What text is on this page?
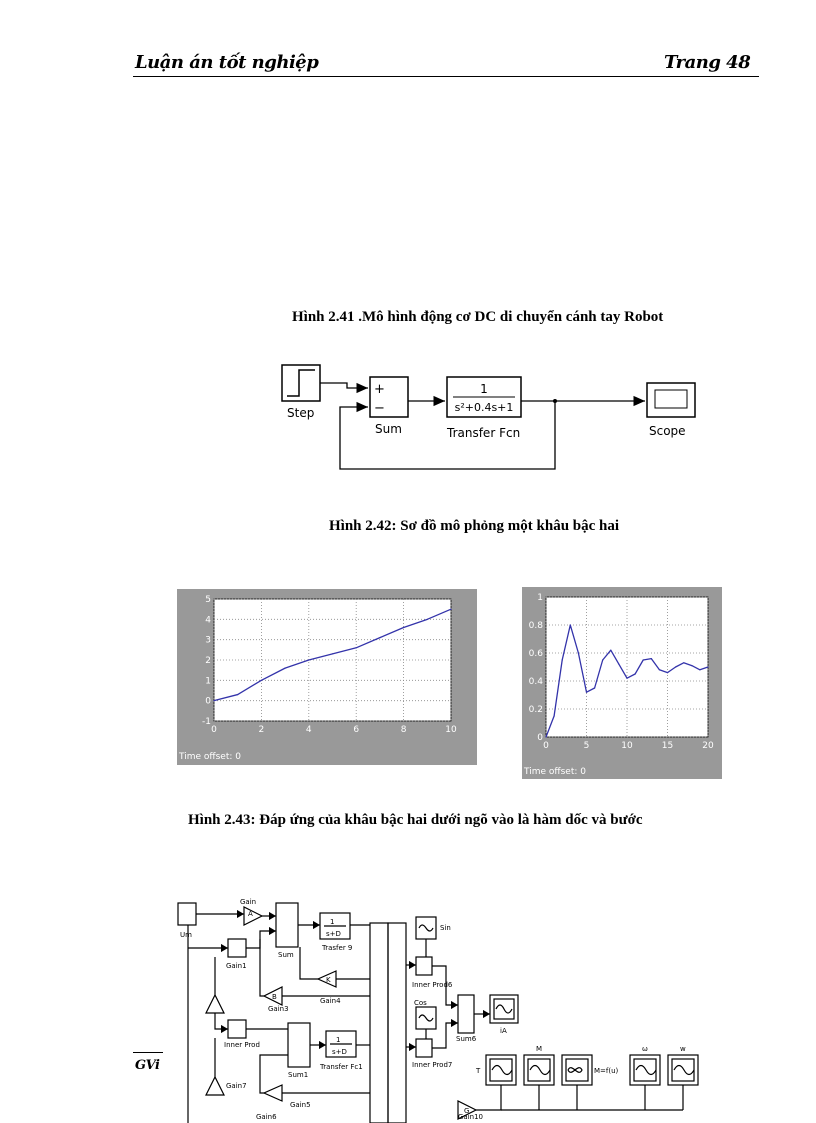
Luận án tốt nghiệp	Trang 48
Hình 2.41 .Mô hình động cơ DC di chuyển cánh tay Robot
Step
+
−
Sum
1
s²+0.4s+1
Transfer Fcn	Scope
Hình 2.42: Sơ đồ mô phỏng một khâu bậc hai
0	2	4	6	8	10
-1
0
1
2
3
4
5
Time offset: 0
0	5	10	15	20
0
0.2
0.4
0.6
0.8
1
Time offset: 0
Hình 2.43: Đáp ứng của khâu bậc hai dưới ngõ vào là hàm dốc và bước
Um
Gain
A
Gain1
Sum
1
s+D
Trasfer 9
K
B
Gain3
Gain4
Inner Prod
Sum1
1
s+D
Transfer Fc1
Gain7
Gain5
Gain6
Sin
Inner Prod6
Cos
Inner Prod7
Sum6
iA
T
M
M=f(u)
ω	w
G
Gain10
GVi
